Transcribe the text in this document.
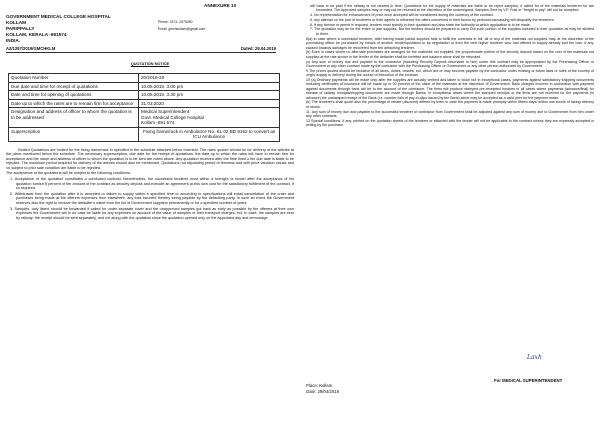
ANNEXURE 10
GOVERNMENT MEDICAL COLLEGE HOSPITAL
KOLLAM
PARIPPALLY
KOLLAM, KERALA -691574
INDIA.
Phone: 0474- 2575050
Email: gmchkollam@gmail.com
A2/1297/2019/GMCHKLM	Dated: 29.04.2019
QUOTATION NOTICE
Quotation Number	20/2019-20
Due date and time for receipt of quotations	10.05.2019. 3.00 pm
Date and time for opening of quotations	10.05.2019. 3.30 pm
Date up to which the rates are to remain firm for acceptance	31.03.2020
Designation and address of officer to whom the quotation is to be addressed	Medical Superintendent
Govt. Medical College Hospital
Kollam -691 574
Superscription	Fixing frame/rack in Ambulance No. KL 02 BD 8162 to convert as ICU Ambulance

Sealed Quotations are invited for the fixing frame/rack in specified in the schedule attached below /overleaf. The rates quoted should be for delivery of the articles at the place mentioned below the schedule. The necessary superscription, due date for the receipt of quotations, the date up to which the rates will have to remain firm for acceptance and the name and address of officer to whom the quotation is to be sent are noted above. Any quotation received after the time fixed o the due date is liable to be rejected. The maximum period required for delivery of the articles should also be mentioned. Quotations not stipulating period of firmness and with price variation clause and /or subject to prior sale condition are liable to be rejected.

The acceptance of the quotations will be subject to the following conditions:

1. Acceptance of the quotation constitutes a concluded contract. Nevertheless, the successful tenderer must within a fortnight /a month after the acceptance of his quotation furnish 5 percent of the amount of the contract as security deposit and execute an agreement at this own cost for the satisfactory fulfillment of the contract, if so required.

2. Withdrawal from the quotation after it is accepted or failure to supply within a specified time or according to specifications will entail cancellation of the order and purchases being made at the offerers expenses from elsewhere, any loss incurred thereby being payable by the defaulting party, in such an event the Government reserves also the right to remove the defaulter's name from the list of Government suppliers permanently or for a specified number of years.

3. Samples, duly listed, should be forwarded if called for under separate cover and the unapproved samples got back as early as possible by the offerers at their own expenses the Government will in no case be liable for any expenses on account of the value of samples or their transport charges, ect. In case, the samples are sent by railway; the receipt should be sent separately, and not along with the quotation since the quotation opened only on the appointed day and demurrage

will have to be paid if the railway is not cleared in time. Quotations for the supply of materials are liable to be reject samples, if called for of the materials tendered for are forwarded. The Approved samples may or may not be returned at the discretion of the undersigned. Samples Sent by V.P. Post or "freight to pay" will not be accepted.

4. No representation for enhancement of price once accepted will be considered during the currency of the contract.

5. any attempt on the part of tenderers or their agents to influence the offers concerned in their favour by personal canvassing will disqualify the tenderers.

6. If any license or permit is required, tenders must specify in their quotation and also state the Authority to which application is to be made.

7. The quotation may be for the entire or part supplies. But the tenders should be prepared to carry Out such portion of the supplies included in their quotation as may be allotted to them.

8(a) in case where a successful tenderer, after having made partial supplies fails to fulfill the contracts in full, all or any of the materials not supplied may, at the discretion of the purchasing officer be purchased by means of another tender/quotation or by negotiation or from the next higher tenderer who had offered to supply already and the loss, if any, caused towards damages be recovered from the defaulting tenderer.

(b) Even in cases where no alternate purchases are arranged for the materials not supplied, the proportionate portion of the security deposit based on the cost of the materials not supplied at the rate shown in the tender of the defaulter shall be forfeited and balance alone shall be refunded.

(c) Any sum of money due and payable to the contractor (including Security Deposit returnable to him) under this contract may be appropriated by the Purchasing Officer or Government or any other contract made by the contractor with the Purchasing Officer or Government or any other person authorized by Government.

9 The prices quoted should be inclusive of all taxes, duties, cesses, ect, which are or may become payable by the contractor under existing or future laws or rules of the country of origin /supply or delivery during the course of execution of the contract.

10 (a) Ordinary payments will be made only after the supplies are actually verified and taken to stock but in exceptional cases, payments against satisfactory shipping documents including certificates of insurance will be made up to 90 percent of the value of the materials at the discretion of Government. Bank charges incurred in connection with payment against documents through bank will be to the account of the contractor. The firms will produce stamped pre-receipted invoices in all cases where payments (advance/final) for release of railway receipts/shipping documents are made through Banks. In exceptional cases where the stamped receipts of the firms are not received for the payments (in advance) the unstamped receipt of the Bank (i.e. counter foils of pay-in-slips issued by the Bank) alone may be accepted as a valid peer for the payment made.

(b) The tenderer's shall quote also the percentage of rebate (discount) offered by them in case the payment is made promptly within fifteen days/ within one month of taking delivery of stores.

11. Any sum of money due and payable to the successful tenderer or contractor from Government shall be adjusted against any sum of money due to Government from him under any other contracts.

12 Special conditions, if any, printed on the quotation sheets of the tenderer or attached with the tender will not be applicable to the contract unless they are expressly accepted in writing by the purchase.

Laxh
For MEDICAL SUPERINTENDENT
Place: Kollam
Date: 29/04/2019
